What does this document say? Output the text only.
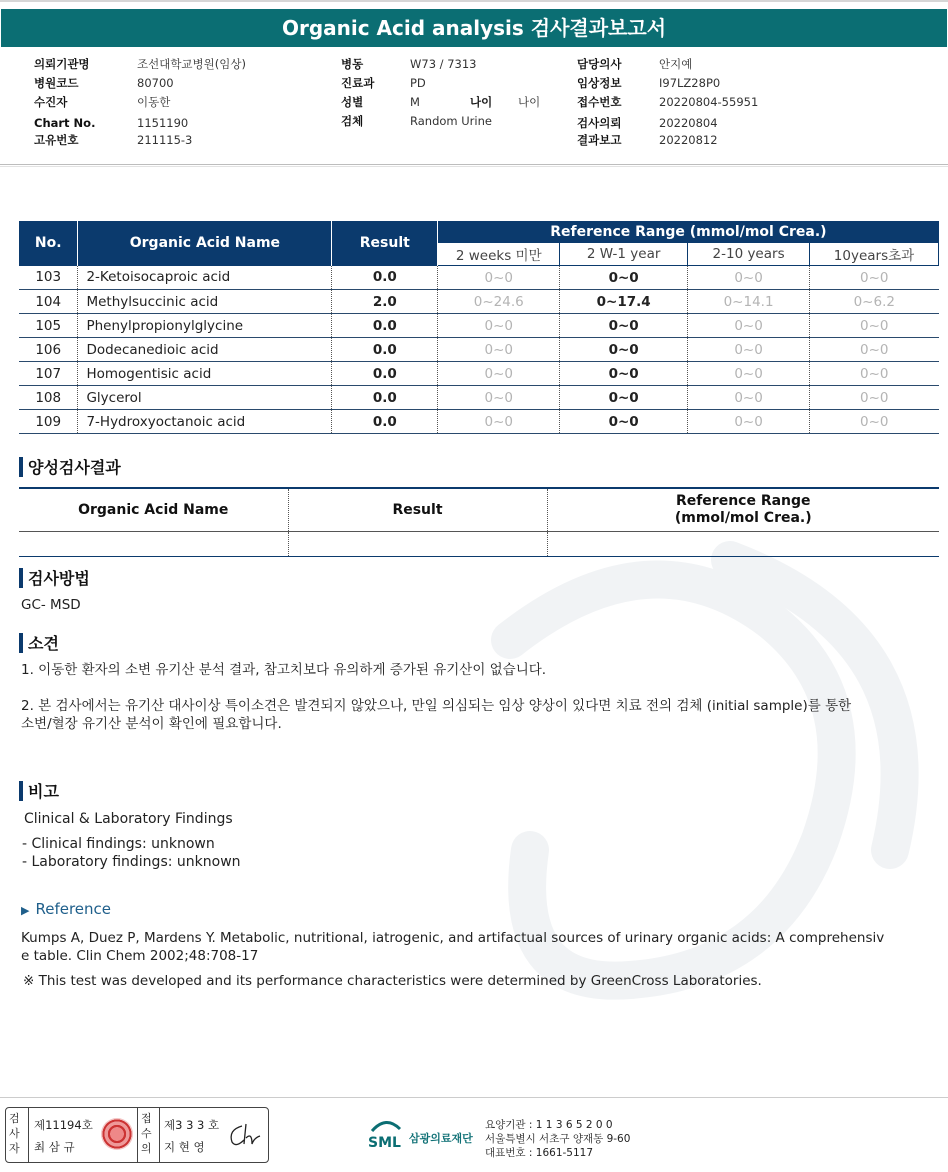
Organic Acid analysis 검사결과보고서
의뢰기관명	조선대학교병원(임상)
병원코드	80700
수진자	이동한
Chart No.	1151190
고유번호	211115-3
병동	W73 / 7313
진료과	PD
성별	M	나이 나이
검체	Random Urine
담당의사	안지예
임상정보	I97LZ28P0
접수번호	20220804-55951
검사의뢰	20220804
결과보고	20220812
No.	Organic Acid Name	Result	Reference Range (mmol/mol Crea.)			
			2 weeks 미만	2 W-1 year	2-10 years	10years초과
103	2-Ketoisocaproic acid	0.0	0~0	0~0	0~0	0~0
104	Methylsuccinic acid	2.0	0~24.6	0~17.4	0~14.1	0~6.2
105	Phenylpropionylglycine	0.0	0~0	0~0	0~0	0~0
106	Dodecanedioic acid	0.0	0~0	0~0	0~0	0~0
107	Homogentisic acid	0.0	0~0	0~0	0~0	0~0
108	Glycerol	0.0	0~0	0~0	0~0	0~0
109	7-Hydroxyoctanoic acid	0.0	0~0	0~0	0~0	0~0
양성검사결과
Organic Acid Name	Result	Reference Range
(mmol/mol Crea.)

검사방법
GC- MSD
소견
1. 이동한 환자의 소변 유기산 분석 결과, 참고치보다 유의하게 증가된 유기산이 없습니다.
2. 본 검사에서는 유기산 대사이상 특이소견은 발견되지 않았으나, 만일 의심되는 임상 양상이 있다면 치료 전의 검체 (initial sample)를 통한
소변/혈장 유기산 분석이 확인에 필요합니다.
비고
Clinical & Laboratory Findings
- Clinical findings: unknown
- Laboratory findings: unknown
▶ Reference
Kumps A, Duez P, Mardens Y. Metabolic, nutritional, iatrogenic, and artifactual sources of urinary organic acids: A comprehensiv
e table. Clin Chem 2002;48:708-17
※ This test was developed and its performance characteristics were determined by GreenCross Laboratories.
검사자
제11194호
최 삼 규
접수의
제3 3 3 호
지 현 영	SML 삼광의료재단
요양기관 : 1 1 3 6 5 2 0 0
서울특별시 서초구 양재동 9-60
대표번호 : 1661-5117
